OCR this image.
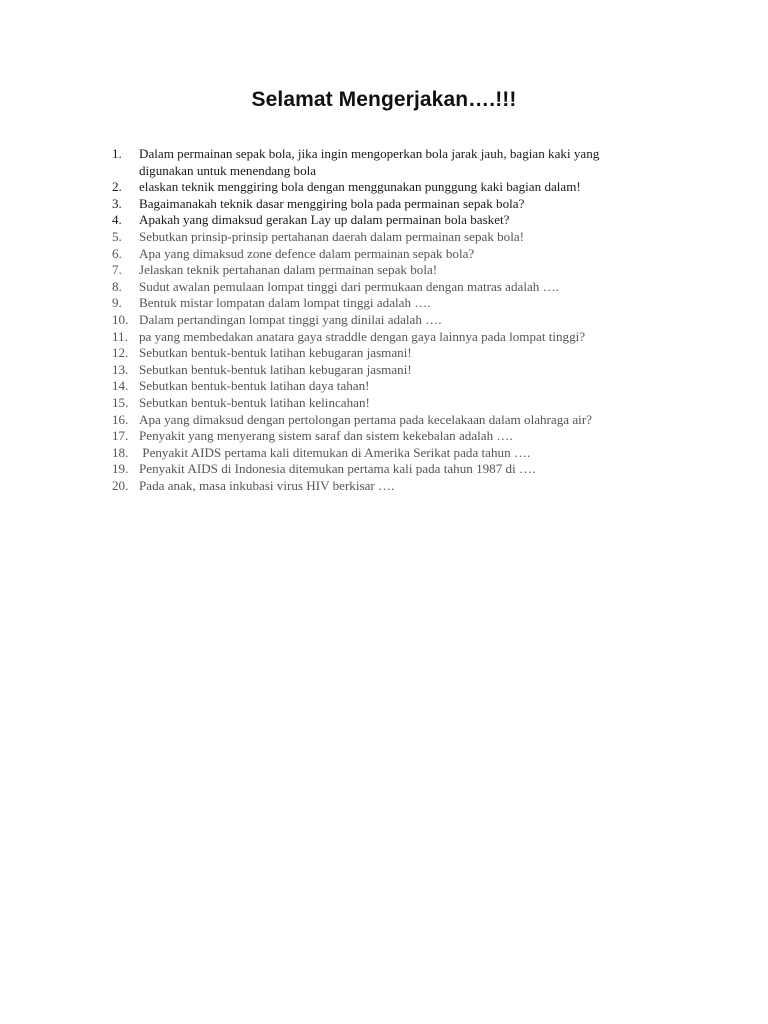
Selamat Mengerjakan….!!!
1.	Dalam permainan sepak bola, jika ingin mengoperkan bola jarak jauh, bagian kaki yang
digunakan untuk menendang bola
2.	elaskan teknik menggiring bola dengan menggunakan punggung kaki bagian dalam!
3.	Bagaimanakah teknik dasar menggiring bola pada permainan sepak bola?
4.	Apakah yang dimaksud gerakan Lay up dalam permainan bola basket?
5.	Sebutkan prinsip-prinsip pertahanan daerah dalam permainan sepak bola!
6.	Apa yang dimaksud zone defence dalam permainan sepak bola?
7.	Jelaskan teknik pertahanan dalam permainan sepak bola!
8.	Sudut awalan pemulaan lompat tinggi dari permukaan dengan matras adalah ….
9.	Bentuk mistar lompatan dalam lompat tinggi adalah ….
10. Dalam pertandingan lompat tinggi yang dinilai adalah ….
11. pa yang membedakan anatara gaya straddle dengan gaya lainnya pada lompat tinggi?
12. Sebutkan bentuk-bentuk latihan kebugaran jasmani!
13. Sebutkan bentuk-bentuk latihan kebugaran jasmani!
14. Sebutkan bentuk-bentuk latihan daya tahan!
15. Sebutkan bentuk-bentuk latihan kelincahan!
16. Apa yang dimaksud dengan pertolongan pertama pada kecelakaan dalam olahraga air?
17. Penyakit yang menyerang sistem saraf dan sistem kekebalan adalah ….
18. Penyakit AIDS pertama kali ditemukan di Amerika Serikat pada tahun ….
19. Penyakit AIDS di Indonesia ditemukan pertama kali pada tahun 1987 di ….
20. Pada anak, masa inkubasi virus HIV berkisar ….
